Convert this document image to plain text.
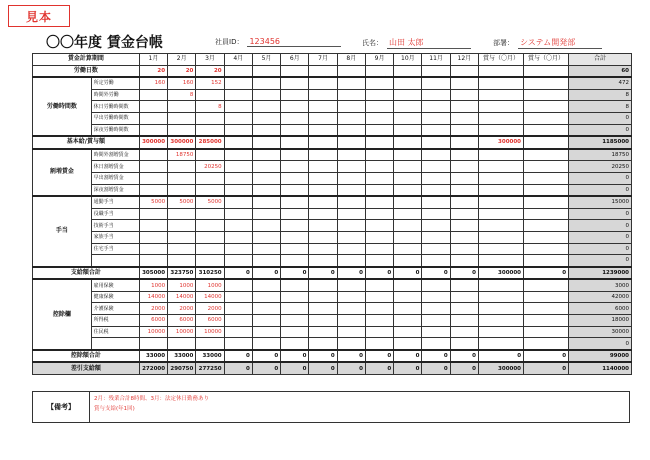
見本
〇〇年度 賃金台帳	社員ID： 123456	氏名： 山田 太郎	部署： システム開発部
賃金計算期間		1月	2月	3月	4月	5月	6月	7月	8月	9月	10月	11月	12月	賞与（〇月）	賞与（〇月）	合計
労働日数		20	20	20												60
労働時間数	所定労働	160	160	152												472
	時間外労働		8													8
	休日労働時間数			8												8
	早出労働時間数															0
	深夜労働時間数															0
基本給/賞与額		300000	300000	285000										300000		1185000
割増賃金	時間外割増賃金		18750													18750
	休日割増賃金			20250												20250
	早出割増賃金															0
	深夜割増賃金															0
手当	通勤手当	5000	5000	5000												15000
	役職手当															0
	技術手当															0
	家族手当															0
	住宅手当															0
																0
支給額合計		305000	323750	310250	0	0	0	0	0	0	0	0	0	300000	0	1239000
控除欄	雇用保険	1000	1000	1000												3000
	健康保険	14000	14000	14000												42000
	介護保険	2000	2000	2000												6000
	所得税	6000	6000	6000												18000
	住民税	10000	10000	10000												30000
																0
控除額合計		33000	33000	33000	0	0	0	0	0	0	0	0	0	0	0	99000
差引支給額		272000	290750	277250	0	0	0	0	0	0	0	0	0	300000	0	1140000
【備考】
2月：残業合計8時間、3月：法定休日勤務あり
賞与支給(年1回)
